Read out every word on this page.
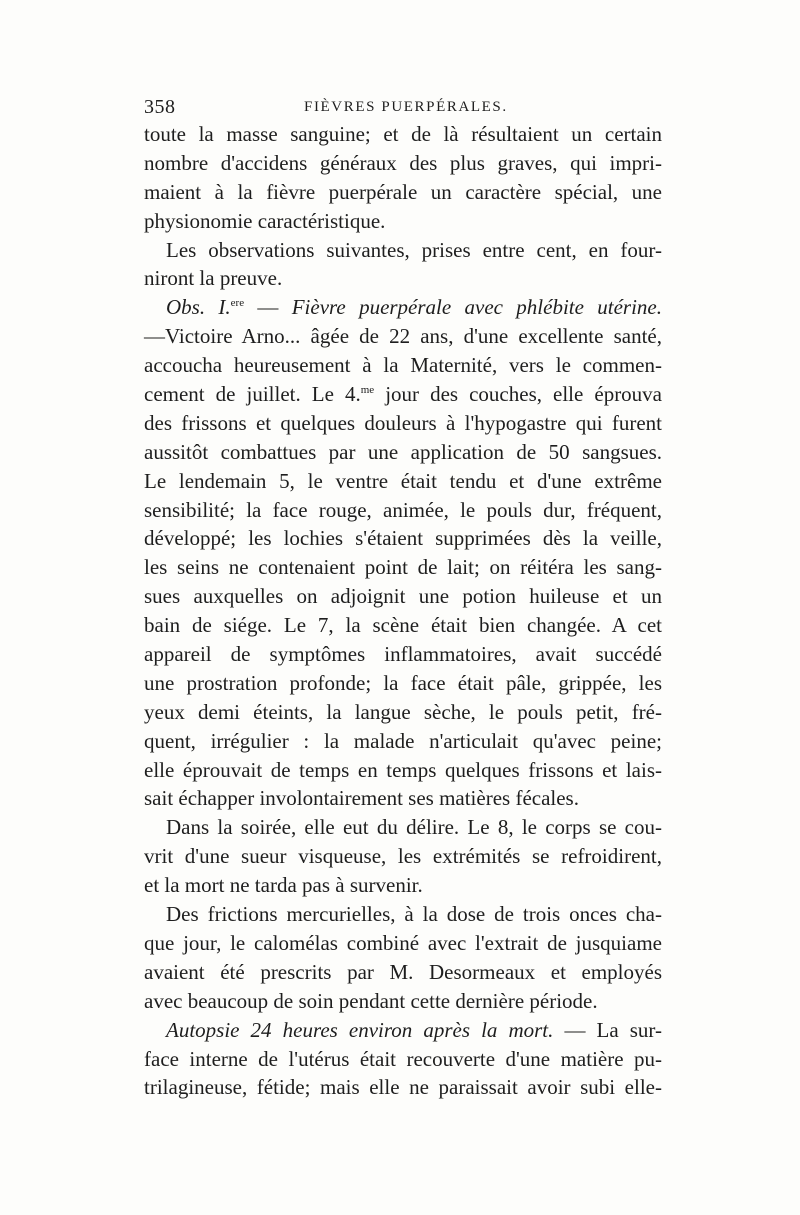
358	FIÈVRES PUERPÉRALES.
toute la masse sanguine; et de là résultaient un certain
nombre d'accidens généraux des plus graves, qui impri-
maient à la fièvre puerpérale un caractère spécial, une
physionomie caractéristique.
Les observations suivantes, prises entre cent, en four-
niront la preuve.
Obs. I.$^{ere}$ — Fièvre puerpérale avec phlébite utérine.
—Victoire Arno... âgée de 22 ans, d'une excellente santé,
accoucha heureusement à la Maternité, vers le commen-
cement de juillet. Le 4.$^{me}$ jour des couches, elle éprouva
des frissons et quelques douleurs à l'hypogastre qui furent
aussitôt combattues par une application de 50 sangsues.
Le lendemain 5, le ventre était tendu et d'une extrême
sensibilité; la face rouge, animée, le pouls dur, fréquent,
développé; les lochies s'étaient supprimées dès la veille,
les seins ne contenaient point de lait; on réitéra les sang-
sues auxquelles on adjoignit une potion huileuse et un
bain de siége. Le 7, la scène était bien changée. A cet
appareil de symptômes inflammatoires, avait succédé
une prostration profonde; la face était pâle, grippée, les
yeux demi éteints, la langue sèche, le pouls petit, fré-
quent, irrégulier : la malade n'articulait qu'avec peine;
elle éprouvait de temps en temps quelques frissons et lais-
sait échapper involontairement ses matières fécales.
Dans la soirée, elle eut du délire. Le 8, le corps se cou-
vrit d'une sueur visqueuse, les extrémités se refroidirent,
et la mort ne tarda pas à survenir.
Des frictions mercurielles, à la dose de trois onces cha-
que jour, le calomélas combiné avec l'extrait de jusquiame
avaient été prescrits par M. Desormeaux et employés
avec beaucoup de soin pendant cette dernière période.
Autopsie 24 heures environ après la mort. — La sur-
face interne de l'utérus était recouverte d'une matière pu-
trilagineuse, fétide; mais elle ne paraissait avoir subi elle-
